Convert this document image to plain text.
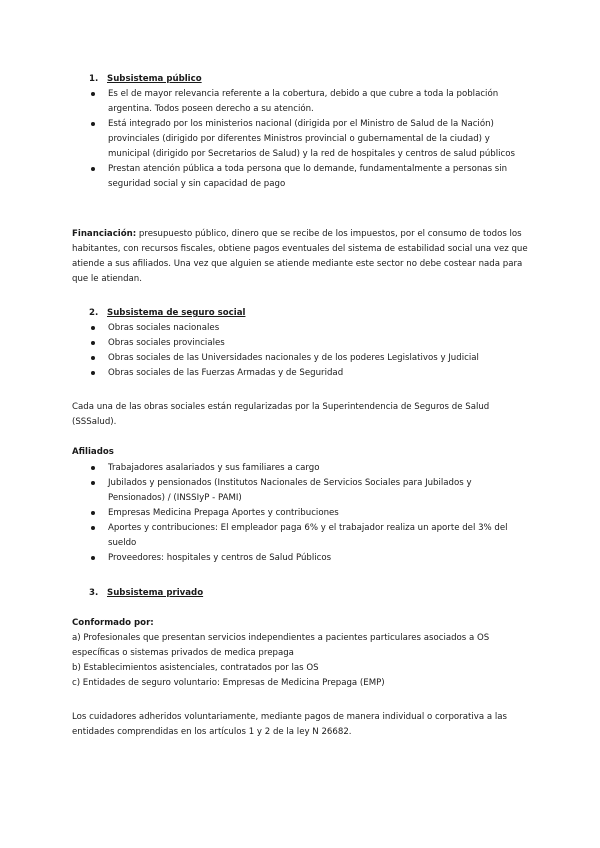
1. Subsistema público
Es el de mayor relevancia referente a la cobertura, debido a que cubre a toda la población argentina. Todos poseen derecho a su atención.
Está integrado por los ministerios nacional (dirigida por el Ministro de Salud de la Nación) provinciales (dirigido por diferentes Ministros provincial o gubernamental de la ciudad) y municipal (dirigido por Secretarios de Salud) y la red de hospitales y centros de salud públicos
Prestan atención pública a toda persona que lo demande, fundamentalmente a personas sin seguridad social y sin capacidad de pago

Financiación: presupuesto público, dinero que se recibe de los impuestos, por el consumo de todos los habitantes, con recursos fiscales, obtiene pagos eventuales del sistema de estabilidad social una vez que atiende a sus afiliados. Una vez que alguien se atiende mediante este sector no debe costear nada para que le atiendan.

2. Subsistema de seguro social
Obras sociales nacionales
Obras sociales provinciales
Obras sociales de las Universidades nacionales y de los poderes Legislativos y Judicial
Obras sociales de las Fuerzas Armadas y de Seguridad

Cada una de las obras sociales están regularizadas por la Superintendencia de Seguros de Salud (SSSalud).

Afiliados

Trabajadores asalariados y sus familiares a cargo
Jubilados y pensionados (Institutos Nacionales de Servicios Sociales para Jubilados y Pensionados) / (INSSIyP - PAMI)
Empresas Medicina Prepaga Aportes y contribuciones
Aportes y contribuciones: El empleador paga 6% y el trabajador realiza un aporte del 3% del sueldo
Proveedores: hospitales y centros de Salud Públicos
3. Subsistema privado

Conformado por:

a) Profesionales que presentan servicios independientes a pacientes particulares asociados a OS específicas o sistemas privados de medica prepaga

b) Establecimientos asistenciales, contratados por las OS

c) Entidades de seguro voluntario: Empresas de Medicina Prepaga (EMP)

Los cuidadores adheridos voluntariamente, mediante pagos de manera individual o corporativa a las entidades comprendidas en los artículos 1 y 2 de la ley N 26682.
